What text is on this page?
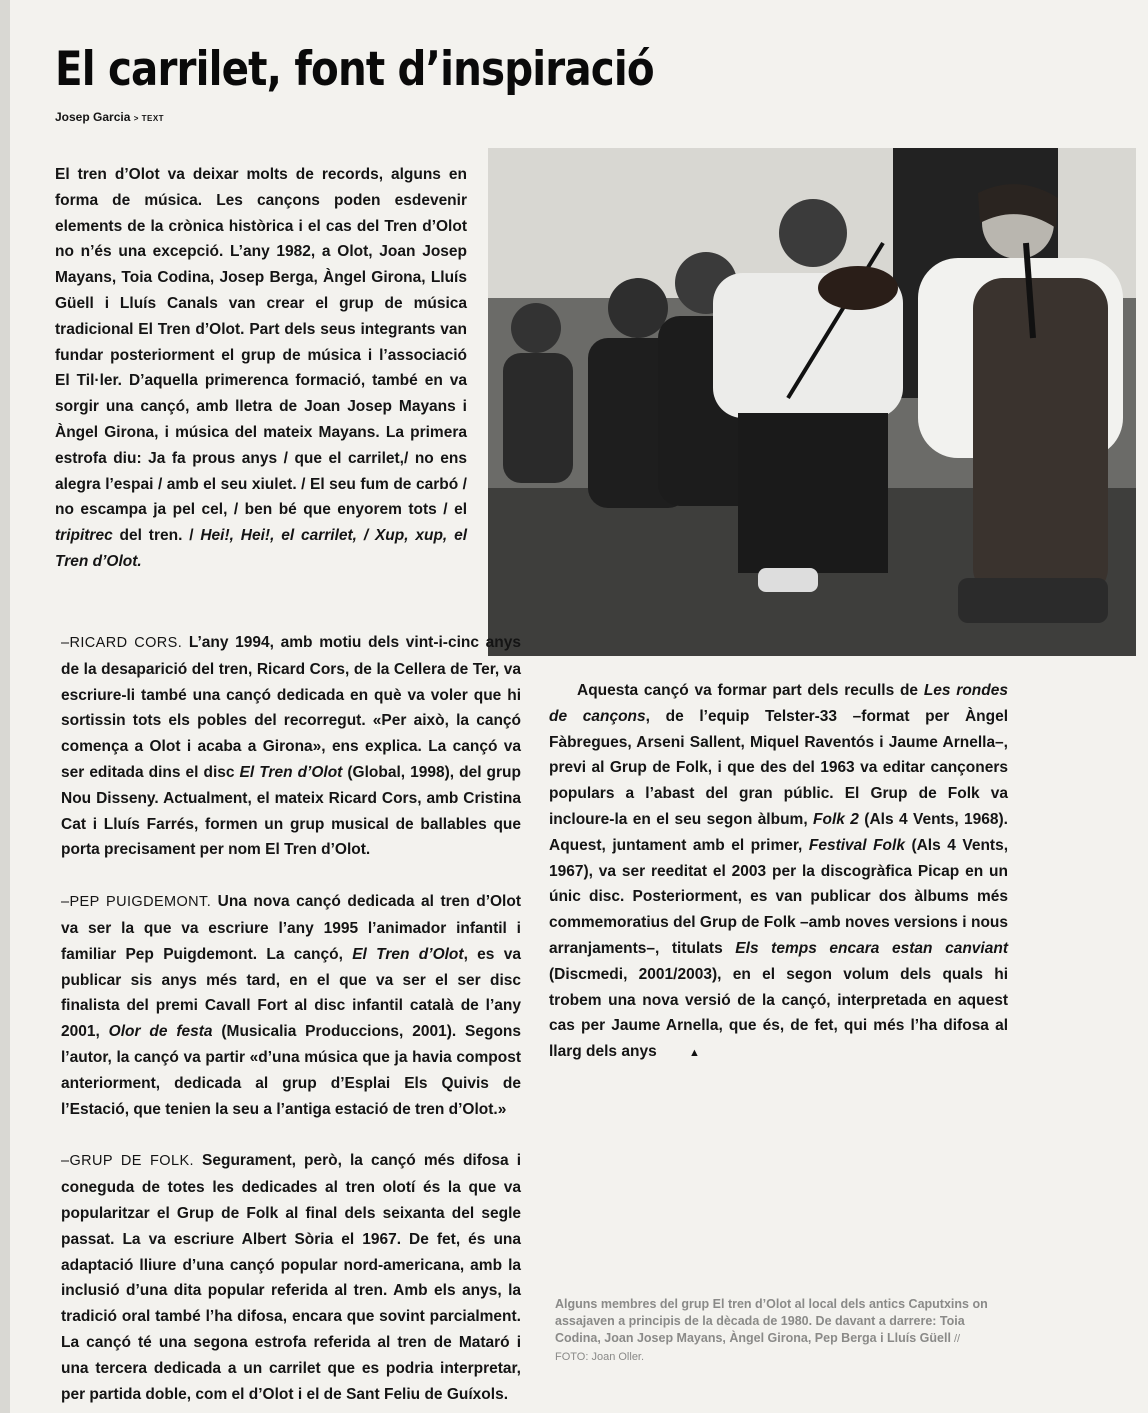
El carrilet, font d’inspiració
Josep Garcia > TEXT

El tren d’Olot va deixar molts de records, alguns en forma de música. Les cançons poden esdevenir elements de la crònica històrica i el cas del Tren d’Olot no n’és una excepció. L’any 1982, a Olot, Joan Josep Mayans, Toia Codina, Josep Berga, Àngel Girona, Lluís Güell i Lluís Canals van crear el grup de música tradicional El Tren d’Olot. Part dels seus integrants van fundar posteriorment el grup de música i l’associació El Til·ler. D’aquella primerenca formació, també en va sorgir una cançó, amb lletra de Joan Josep Mayans i Àngel Girona, i música del mateix Mayans. La primera estrofa diu: Ja fa prous anys / que el carrilet,/ no ens alegra l’espai / amb el seu xiulet. / El seu fum de carbó / no escampa ja pel cel, / ben bé que enyorem tots / el tripitrec del tren. / Hei!, Hei!, el carrilet, / Xup, xup, el Tren d’Olot.

–RICARD CORS. L’any 1994, amb motiu dels vint-i-cinc anys de la desaparició del tren, Ricard Cors, de la Cellera de Ter, va escriure-li també una cançó dedicada en què va voler que hi sortissin tots els pobles del recorregut. «Per això, la cançó comença a Olot i acaba a Girona», ens explica. La cançó va ser editada dins el disc El Tren d’Olot (Global, 1998), del grup Nou Disseny. Actualment, el mateix Ricard Cors, amb Cristina Cat i Lluís Farrés, formen un grup musical de ballables que porta precisament per nom El Tren d’Olot.

–PEP PUIGDEMONT. Una nova cançó dedicada al tren d’Olot va ser la que va escriure l’any 1995 l’animador infantil i familiar Pep Puigdemont. La cançó, El Tren d’Olot, es va publicar sis anys més tard, en el que va ser el ser disc finalista del premi Cavall Fort al disc infantil català de l’any 2001, Olor de festa (Musicalia Produccions, 2001). Segons l’autor, la cançó va partir «d’una música que ja havia compost anteriorment, dedicada al grup d’Esplai Els Quivis de l’Estació, que tenien la seu a l’antiga estació de tren d’Olot.»

–GRUP DE FOLK. Segurament, però, la cançó més difosa i coneguda de totes les dedicades al tren olotí és la que va popularitzar el Grup de Folk al final dels seixanta del segle passat. La va escriure Albert Sòria el 1967. De fet, és una adaptació lliure d’una cançó popular nord-americana, amb la inclusió d’una dita popular referida al tren. Amb els anys, la tradició oral també l’ha difosa, encara que sovint parcialment. La cançó té una segona estrofa referida al tren de Mataró i una tercera dedicada a un carrilet que es podria interpretar, per partida doble, com el d’Olot i el de Sant Feliu de Guíxols.

Aquesta cançó va formar part dels reculls de Les rondes de cançons, de l’equip Telster-33 –format per Àngel Fàbregues, Arseni Sallent, Miquel Raventós i Jaume Arnella–, previ al Grup de Folk, i que des del 1963 va editar cançoners populars a l’abast del gran públic. El Grup de Folk va incloure-la en el seu segon àlbum, Folk 2 (Als 4 Vents, 1968). Aquest, juntament amb el primer, Festival Folk (Als 4 Vents, 1967), va ser reeditat el 2003 per la discogràfica Picap en un únic disc. Posteriorment, es van publicar dos àlbums més commemoratius del Grup de Folk –amb noves versions i nous arranjaments–, titulats Els temps encara estan canviant (Discmedi, 2001/2003), en el segon volum dels quals hi trobem una nova versió de la cançó, interpretada en aquest cas per Jaume Arnella, que és, de fet, qui més l’ha difosa al llarg dels anys	▲

Alguns membres del grup El tren d’Olot al local dels antics Caputxins on assajaven a principis de la dècada de 1980. De davant a darrere: Toia Codina, Joan Josep Mayans, Àngel Girona, Pep Berga i Lluís Güell // FOTO: Joan Oller.
